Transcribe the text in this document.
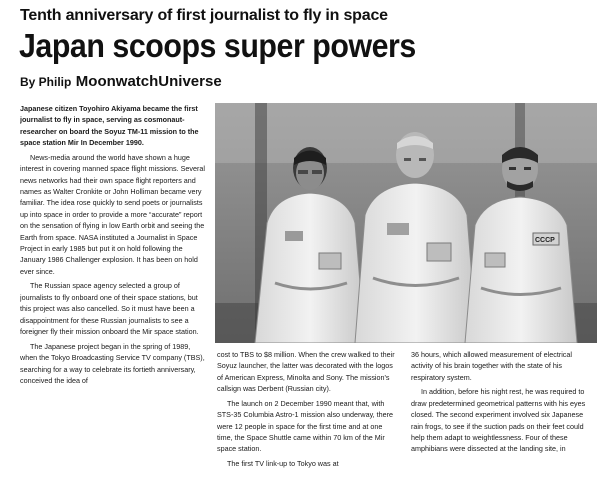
Tenth anniversary of first journalist to fly in space
Japan scoops super powers
By Philip MoonwatchUniverse

Japanese citizen Toyohiro Akiyama became the first journalist to fly in space, serving as cosmonaut-researcher on board the Soyuz TM-11 mission to the space station Mir In December 1990.

News-media around the world have shown a huge interest in covering manned space flight missions. Several news networks had their own space flight reporters and names as Walter Cronkite or John Holliman became very familiar. The idea rose quickly to send poets or journalists up into space in order to provide a more “accurate” report on the sensation of flying in low Earth orbit and seeing the Earth from space. NASA instituted a Journalist in Space Project in early 1985 but put it on hold following the January 1986 Challenger explosion. It has been on hold ever since.

The Russian space agency selected a group of journalists to fly onboard one of their space stations, but this project was also cancelled. So it must have been a disappointment for these Russian journalists to see a foreigner fly their mission onboard the Mir space station.

The Japanese project began in the spring of 1989, when the Tokyo Broadcasting Service TV company (TBS), searching for a way to celebrate its fortieth anniversary, conceived the idea of

CССР

cost to TBS to $8 million. When the crew walked to their Soyuz launcher, the latter was decorated with the logos of American Express, Minolta and Sony. The mission's callsign was Derbent (Russian city).

The launch on 2 December 1990 meant that, with STS-35 Columbia Astro-1 mission also underway, there were 12 people in space for the first time and at one time, the Space Shuttle came within 70 km of the Mir space station.

The first TV link-up to Tokyo was at

36 hours, which allowed measurement of electrical activity of his brain together with the state of his respiratory system.

In addition, before his night rest, he was required to draw predetermined geometrical patterns with his eyes closed. The second experiment involved six Japanese rain frogs, to see if the suction pads on their feet could help them adapt to weightlessness. Four of these amphibians were dissected at the landing site, in
